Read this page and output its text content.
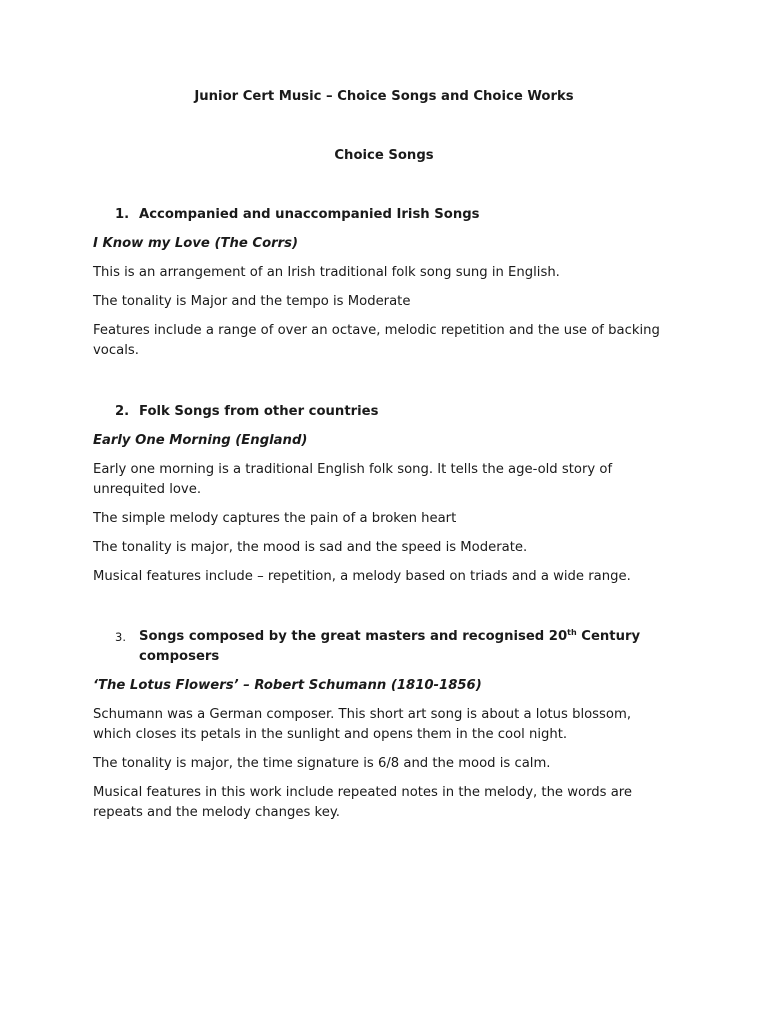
Junior Cert Music – Choice Songs and Choice Works
Choice Songs

1. Accompanied and unaccompanied Irish Songs

I Know my Love (The Corrs)

This is an arrangement of an Irish traditional folk song sung in English.

The tonality is Major and the tempo is Moderate

Features include a range of over an octave, melodic repetition and the use of backing vocals.

2. Folk Songs from other countries

Early One Morning (England)

Early one morning is a traditional English folk song. It tells the age-old story of unrequited love.

The simple melody captures the pain of a broken heart

The tonality is major, the mood is sad and the speed is Moderate.

Musical features include – repetition, a melody based on triads and a wide range.

3. Songs composed by the great masters and recognised 20th Century composers

‘The Lotus Flowers’ – Robert Schumann (1810-1856)

Schumann was a German composer. This short art song is about a lotus blossom, which closes its petals in the sunlight and opens them in the cool night.

The tonality is major, the time signature is 6/8 and the mood is calm.

Musical features in this work include repeated notes in the melody, the words are repeats and the melody changes key.
